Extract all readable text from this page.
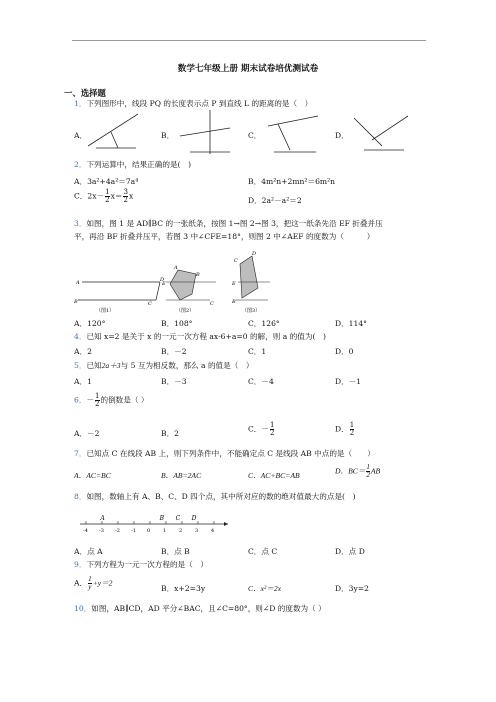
数学七年级上册 期末试卷培优测试卷
一、选择题
1．下列图形中，线段 PQ 的长度表示点 P 到直线 L 的距离的是（　）
A．	B．	C．	D．
2．下列运算中，结果正确的是(　)
A．3a²+4a²＝7a⁴	B．4m²n+2mn²＝6m²n
C．$2x- \frac{1}{2} x= \frac{3}{2}$ x	D．2a²－a²＝2
3．如图，图 1 是 AD∥BC 的一张纸条，按图 1→图 2→图 3，把这一纸条先沿 EF 折叠并压
平，再沿 BF 折叠并压平，若图 3 中∠CFE=18°，则图 2 中∠AEF 的度数为（　　　）
A	D
B	C
A
B
E
C
C
D
E
B
（图1）	（图2）	（图3）
A．120°	B．108°	C．126°	D．114°
4．已知 x=2 是关于 x 的一元一次方程 ax-6+a=0 的解，则 a 的值为(　)
A．2	B．－2	C．1	D．0
5．已知2a＋3与 5 互为相反数，那么 a 的值是（　）
A．1	B．－3	C．－4	D．－1
6．－ $\frac{1}{2}$ 的倒数是（ ）
A．－2	B．2	C．－ $\frac{1}{2}$	D． $\frac{1}{2}$
7．已知点 C 在线段 AB 上，则下列条件中，不能确定点 C 是线段 AB 中点的是（　　）
A．AC=BC	B．AB=2AC	C．AC+BC=AB
D．$BC= \frac{1}{2}$ AB
8．如图，数轴上有 A、B、C、D 四个点，其中所对应的数的绝对值最大的点是(　)
-4 -3 -2 -1 0	1	2	3	4
A	B C D
A．点 A	B．点 B	C．点 C	D．点 D
9．下列方程为一元一次方程的是（　）
A． $\frac{1}{y} +y=2$
B．x+2=3y	C．x²＝2x	D．3y=2
10．如图，AB∥CD，AD 平分∠BAC，且∠C=80°，则∠D 的度数为（ ）
